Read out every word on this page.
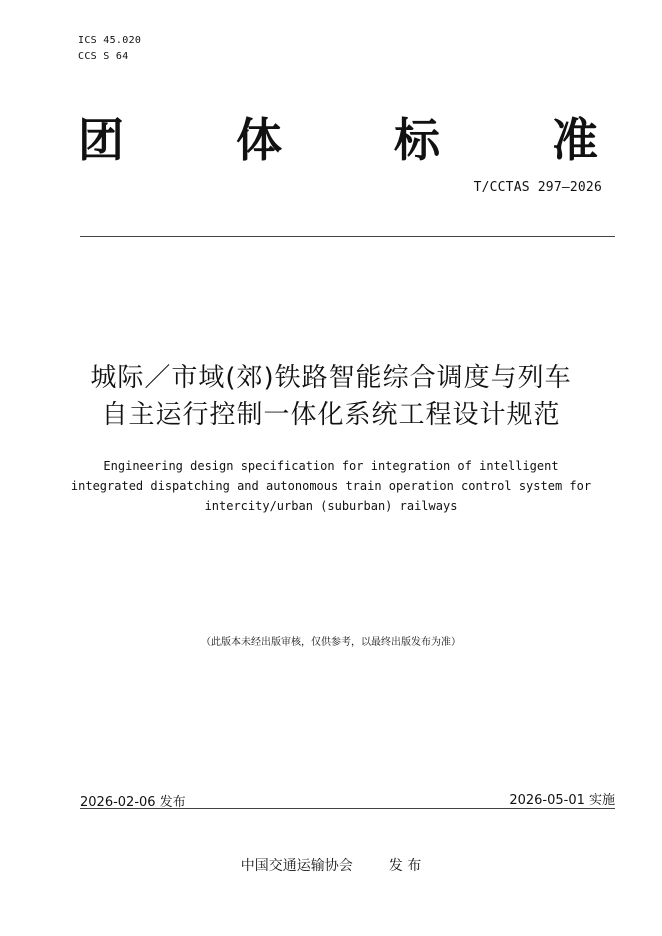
ICS 45.020
CCS S 64
团 体 标 准
T/CCTAS 297—2026
城际／市域(郊)铁路智能综合调度与列车
自主运行控制一体化系统工程设计规范
Engineering design specification for integration of intelligent
integrated dispatching and autonomous train operation control system for
intercity/urban (suburban) railways
（此版本未经出版审核，仅供参考，以最终出版发布为准）
2026-02-06 发布	2026-05-01 实施
中国交通运输协会	发 布
